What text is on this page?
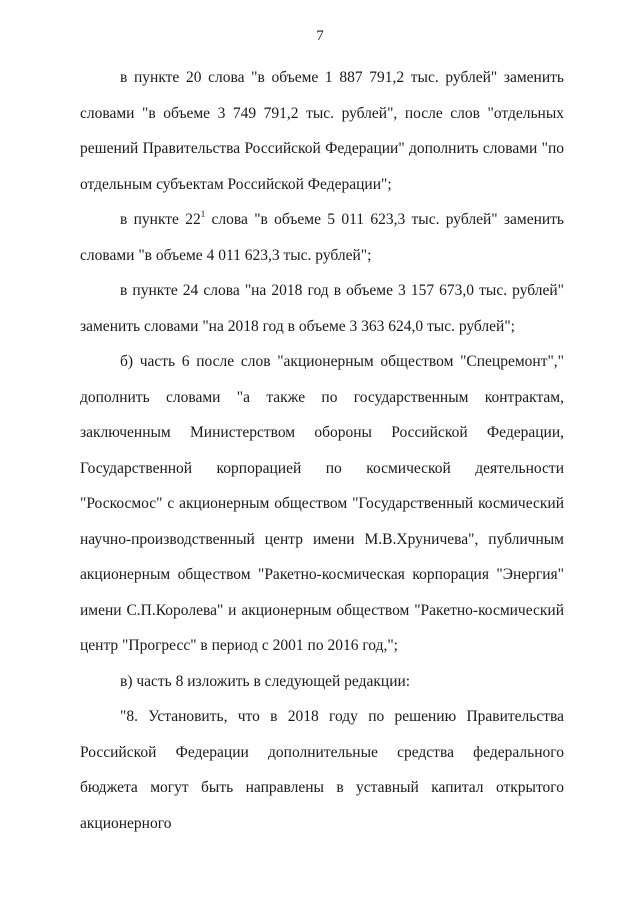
7

в пункте 20 слова "в объеме 1 887 791,2 тыс. рублей" заменить словами "в объеме 3 749 791,2 тыс. рублей", после слов "отдельных решений Правительства Российской Федерации" дополнить словами "по отдельным субъектам Российской Федерации";

в пункте $22^1$ слова "в объеме 5 011 623,3 тыс. рублей" заменить словами "в объеме 4 011 623,3 тыс. рублей";

в пункте 24 слова "на 2018 год в объеме 3 157 673,0 тыс. рублей" заменить словами "на 2018 год в объеме 3 363 624,0 тыс. рублей";

б) часть 6 после слов "акционерным обществом "Спецремонт"," дополнить словами "а также по государственным контрактам, заключенным Министерством обороны Российской Федерации, Государственной корпорацией по космической деятельности "Роскосмос" с акционерным обществом "Государственный космический научно-производственный центр имени М.В.Хруничева", публичным акционерным обществом "Ракетно-космическая корпорация "Энергия" имени С.П.Королева" и акционерным обществом "Ракетно-космический центр "Прогресс" в период с 2001 по 2016 год,";

в) часть 8 изложить в следующей редакции:

"8. Установить, что в 2018 году по решению Правительства Российской Федерации дополнительные средства федерального бюджета могут быть направлены в уставный капитал открытого акционерного
